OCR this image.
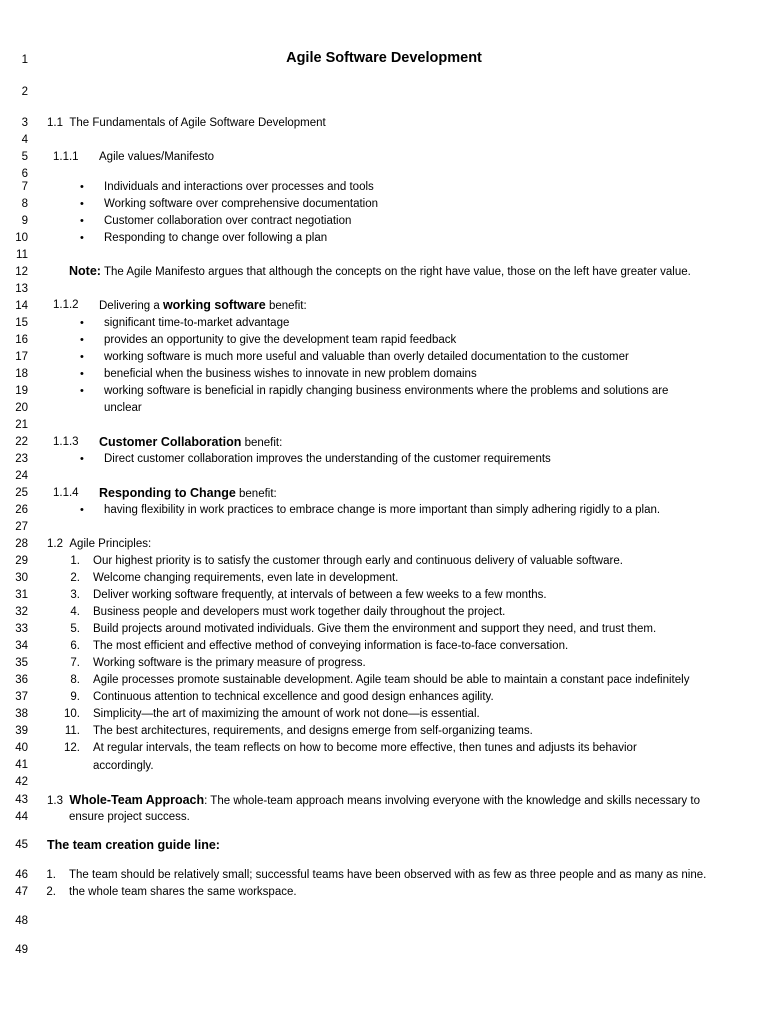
1
2
3
4
5
6
7
8
9
10
11
12
13
14
15
16
17
18
19
20
21
22
23
24
25
26
27
28
29
30
31
32
33
34
35
36
37
38
39
40
41
42
43
44
45
46
47
48
49
Agile Software Development
1.1 The Fundamentals of Agile Software Development
1.1.1 Agile values/Manifesto
• Individuals and interactions over processes and tools
• Working software over comprehensive documentation
• Customer collaboration over contract negotiation
• Responding to change over following a plan
Note: The Agile Manifesto argues that although the concepts on the right have value, those on the left have greater value.
1.1.2 Delivering a working software benefit:
• significant time-to-market advantage
• provides an opportunity to give the development team rapid feedback
• working software is much more useful and valuable than overly detailed documentation to the customer
• beneficial when the business wishes to innovate in new problem domains
• working software is beneficial in rapidly changing business environments where the problems and solutions are
unclear
1.1.3 Customer Collaboration benefit:
• Direct customer collaboration improves the understanding of the customer requirements
1.1.4 Responding to Change benefit:
• having flexibility in work practices to embrace change is more important than simply adhering rigidly to a plan.
1.2 Agile Principles:
1. Our highest priority is to satisfy the customer through early and continuous delivery of valuable software.
2. Welcome changing requirements, even late in development.
3. Deliver working software frequently, at intervals of between a few weeks to a few months.
4. Business people and developers must work together daily throughout the project.
5. Build projects around motivated individuals. Give them the environment and support they need, and trust them.
6. The most efficient and effective method of conveying information is face-to-face conversation.
7. Working software is the primary measure of progress.
8. Agile processes promote sustainable development. Agile team should be able to maintain a constant pace indefinitely
9. Continuous attention to technical excellence and good design enhances agility.
10. Simplicity—the art of maximizing the amount of work not done—is essential.
11. The best architectures, requirements, and designs emerge from self-organizing teams.
12. At regular intervals, the team reflects on how to become more effective, then tunes and adjusts its behavior
accordingly.
1.3 Whole-Team Approach: The whole-team approach means involving everyone with the knowledge and skills necessary to
ensure project success.
The team creation guide line:
1. The team should be relatively small; successful teams have been observed with as few as three people and as many as nine.
2. the whole team shares the same workspace.
